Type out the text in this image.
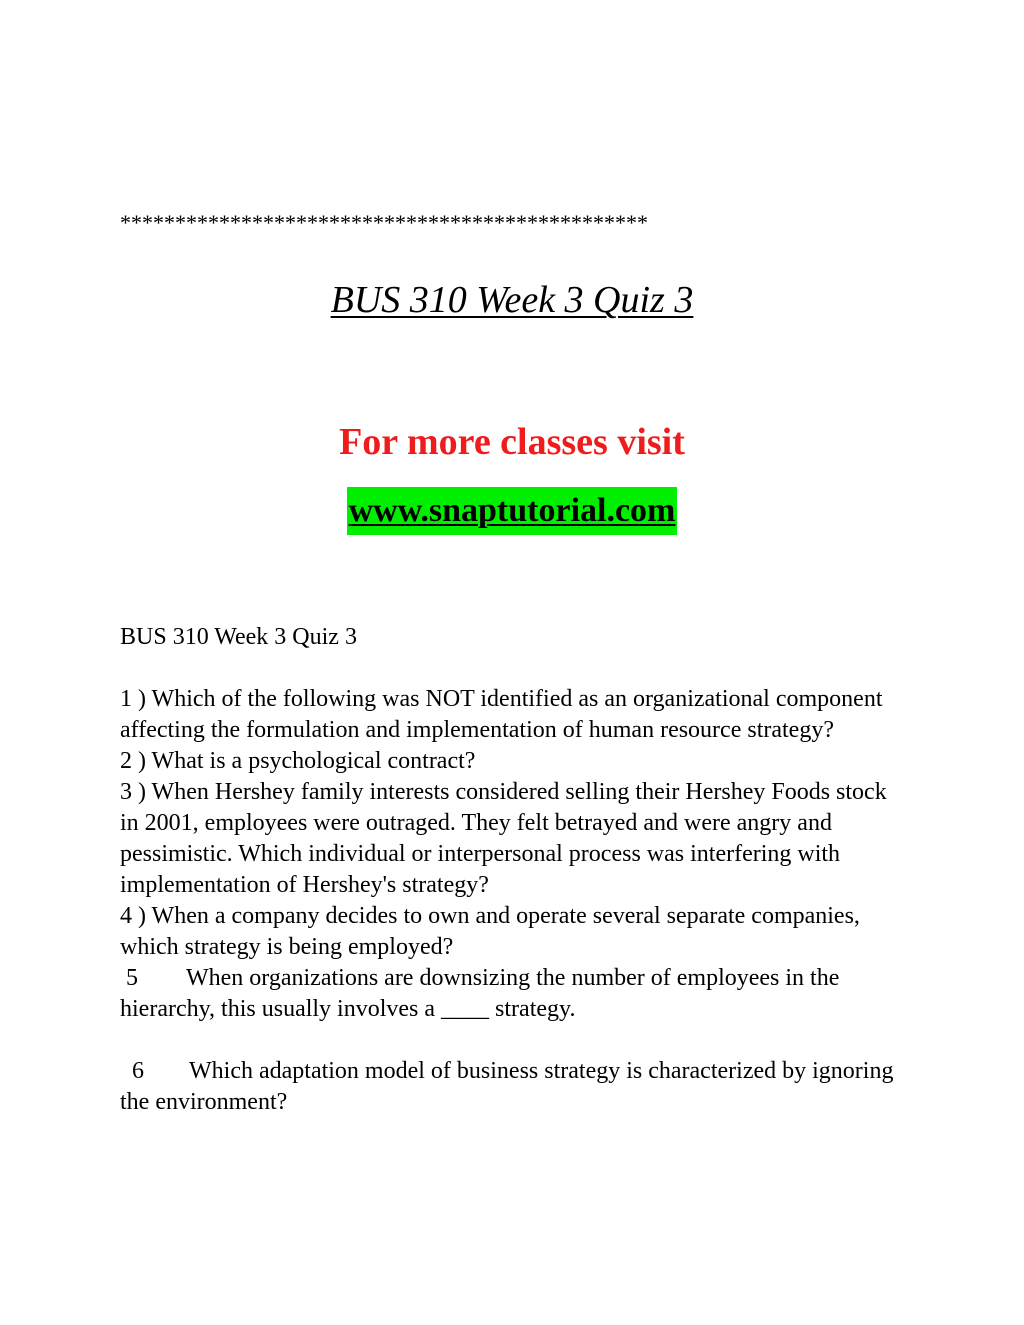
************************************************
BUS 310 Week 3 Quiz 3
For more classes visit
www.snaptutorial.com

BUS 310 Week 3 Quiz 3

1 ) Which of the following was NOT identified as an organizational component affecting the formulation and implementation of human resource strategy?

2 ) What is a psychological contract?

3 ) When Hershey family interests considered selling their Hershey Foods stock in 2001, employees were outraged. They felt betrayed and were angry and pessimistic. Which individual or interpersonal process was interfering with implementation of Hershey's strategy?

4 ) When a company decides to own and operate several separate companies, which strategy is being employed?

5 When organizations are downsizing the number of employees in the hierarchy, this usually involves a ____ strategy.

6 Which adaptation model of business strategy is characterized by ignoring the environment?
